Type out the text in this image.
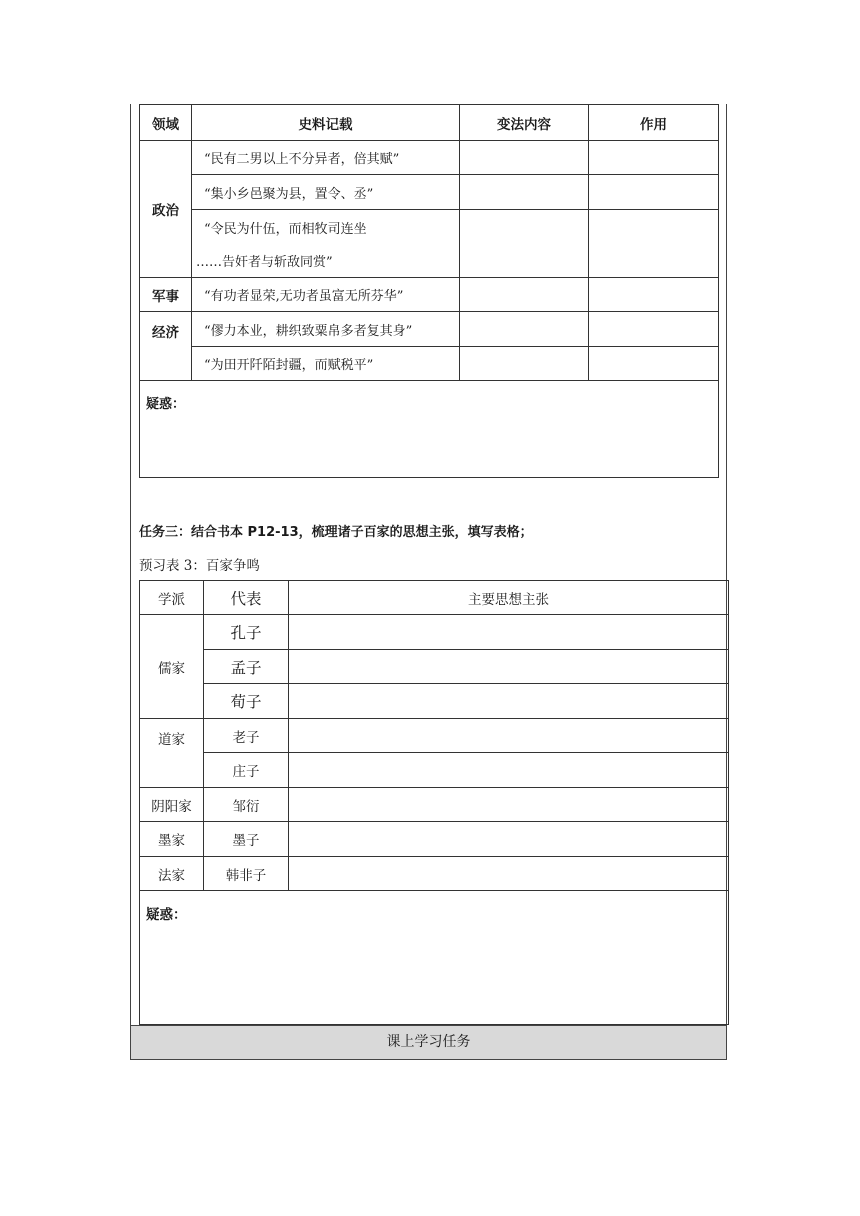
领域	史料记载	变法内容	作用
政治	“民有二男以上不分异者，倍其赋”		
	“集小乡邑聚为县，置令、丞”		

	“令民为什伍，而相牧司连坐
……告奸者与斩敌同赏”		

军事	“有功者显荣,无功者虽富无所芬华”		
经济	“僇力本业，耕织致粟帛多者复其身”		
	“为田开阡陌封疆，而赋税平”		
疑惑：			
任务三：结合书本 P12-13，梳理诸子百家的思想主张，填写表格；
预习表 3：百家争鸣
学派	代表	主要思想主张
儒家	孔子	
	孟子	
	荀子	
道家	老子	
	庄子	
阴阳家	邹衍	
墨家	墨子	
法家	韩非子	
疑惑：		
课上学习任务
